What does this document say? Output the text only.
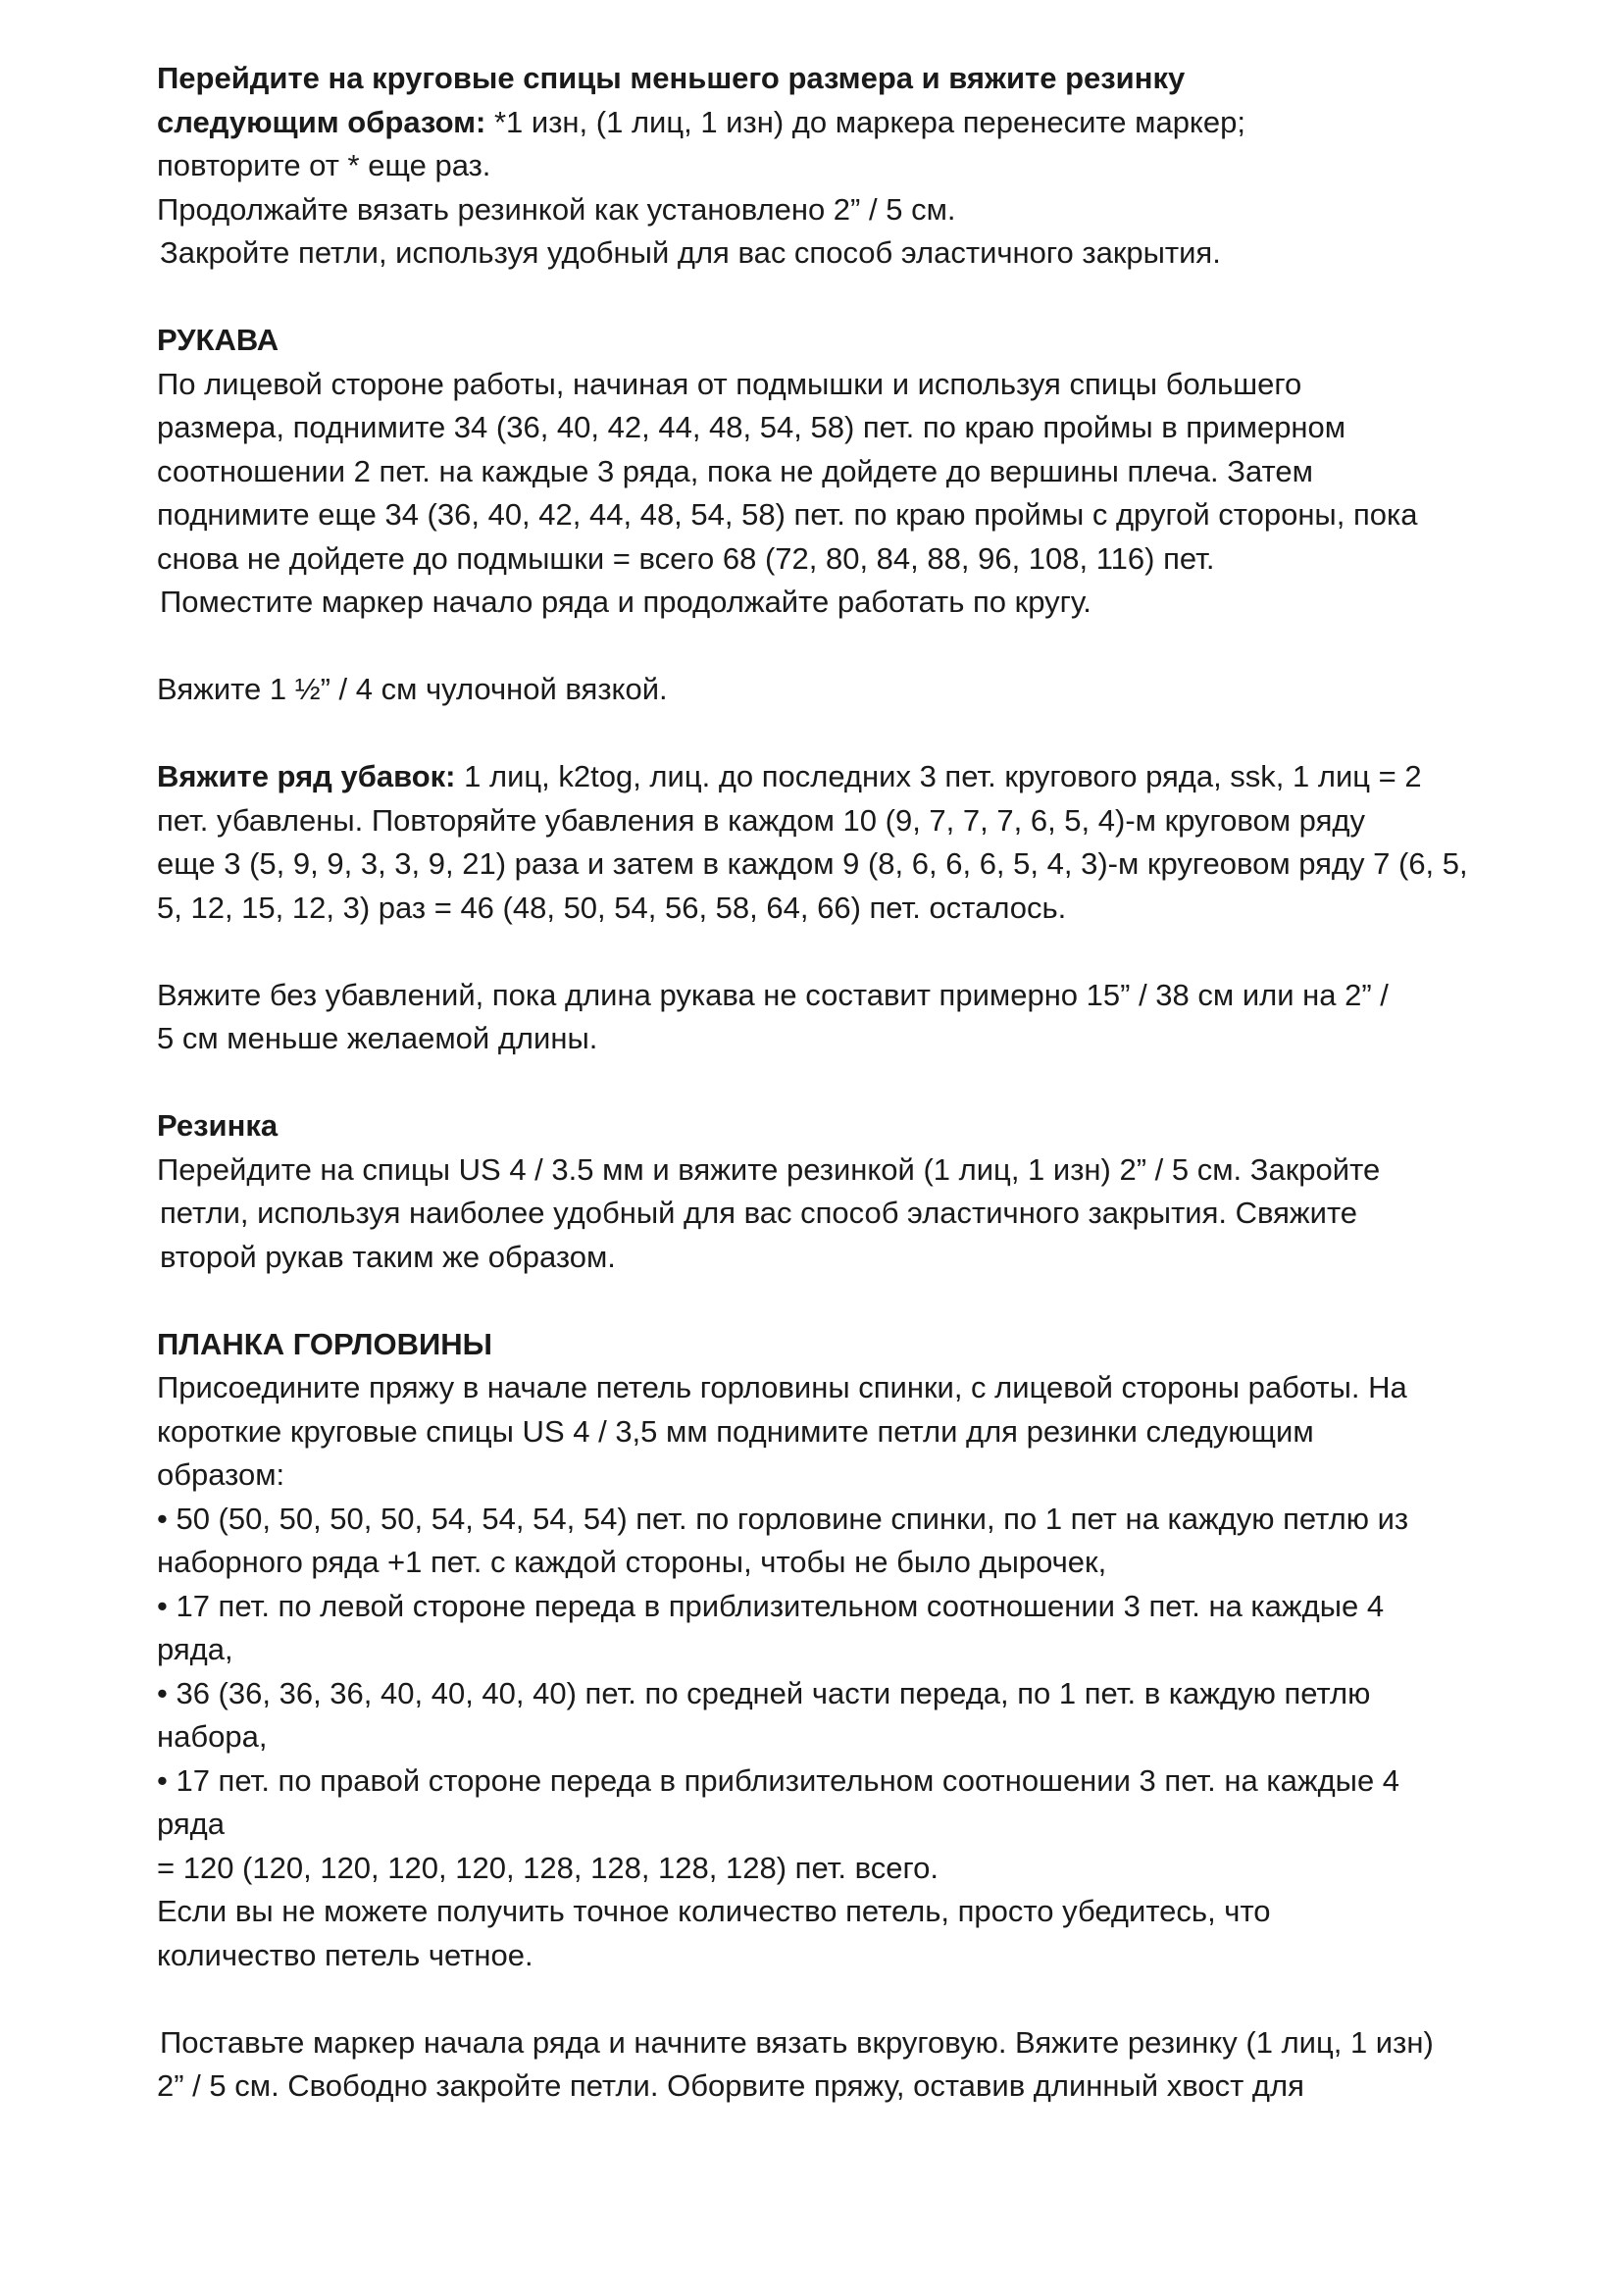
Перейдите на круговые спицы меньшего размера и вяжите резинку

следующим образом: *1 изн, (1 лиц, 1 изн) до маркера перенесите маркер;

повторите от * еще раз.

Продолжайте вязать резинкой как установлено 2” / 5 см.

Закройте петли, используя удобный для вас способ эластичного закрытия.

РУКАВА

По лицевой стороне работы, начиная от подмышки и используя спицы большего

размера, поднимите 34 (36, 40, 42, 44, 48, 54, 58) пет. по краю проймы в примерном

соотношении 2 пет. на каждые 3 ряда, пока не дойдете до вершины плеча. Затем

поднимите еще 34 (36, 40, 42, 44, 48, 54, 58) пет. по краю проймы с другой стороны, пока

снова не дойдете до подмышки = всего 68 (72, 80, 84, 88, 96, 108, 116) пет.

Поместите маркер начало ряда и продолжайте работать по кругу.

Вяжите 1 ½” / 4 см чулочной вязкой.

Вяжите ряд убавок: 1 лиц, k2tog, лиц. до последних 3 пет. кругового ряда, ssk, 1 лиц = 2

пет. убавлены. Повторяйте убавления в каждом 10 (9, 7, 7, 7, 6, 5, 4)-м круговом ряду

еще 3 (5, 9, 9, 3, 3, 9, 21) раза и затем в каждом 9 (8, 6, 6, 6, 5, 4, 3)-м кругеовом ряду 7 (6, 5,

5, 12, 15, 12, 3) раз = 46 (48, 50, 54, 56, 58, 64, 66) пет. осталось.

Вяжите без убавлений, пока длина рукава не составит примерно 15” / 38 см или на 2” /

5 см меньше желаемой длины.

Резинка

Перейдите на спицы US 4 / 3.5 мм и вяжите резинкой (1 лиц, 1 изн) 2” / 5 см. Закройте

петли, используя наиболее удобный для вас способ эластичного закрытия. Свяжите

второй рукав таким же образом.

ПЛАНКА ГОРЛОВИНЫ

Присоедините пряжу в начале петель горловины спинки, с лицевой стороны работы. На

короткие круговые спицы US 4 / 3,5 мм поднимите петли для резинки следующим

образом:

• 50 (50, 50, 50, 50, 54, 54, 54, 54) пет. по горловине спинки, по 1 пет на каждую петлю из

наборного ряда +1 пет. с каждой стороны, чтобы не было дырочек,

• 17 пет. по левой стороне переда в приблизительном соотношении 3 пет. на каждые 4

ряда,

• 36 (36, 36, 36, 40, 40, 40, 40) пет. по средней части переда, по 1 пет. в каждую петлю

набора,

• 17 пет. по правой стороне переда в приблизительном соотношении 3 пет. на каждые 4

ряда

= 120 (120, 120, 120, 120, 128, 128, 128, 128) пет. всего.

Если вы не можете получить точное количество петель, просто убедитесь, что

количество петель четное.

Поставьте маркер начала ряда и начните вязать вкруговую. Вяжите резинку (1 лиц, 1 изн)

2” / 5 см. Свободно закройте петли. Оборвите пряжу, оставив длинный хвост для
